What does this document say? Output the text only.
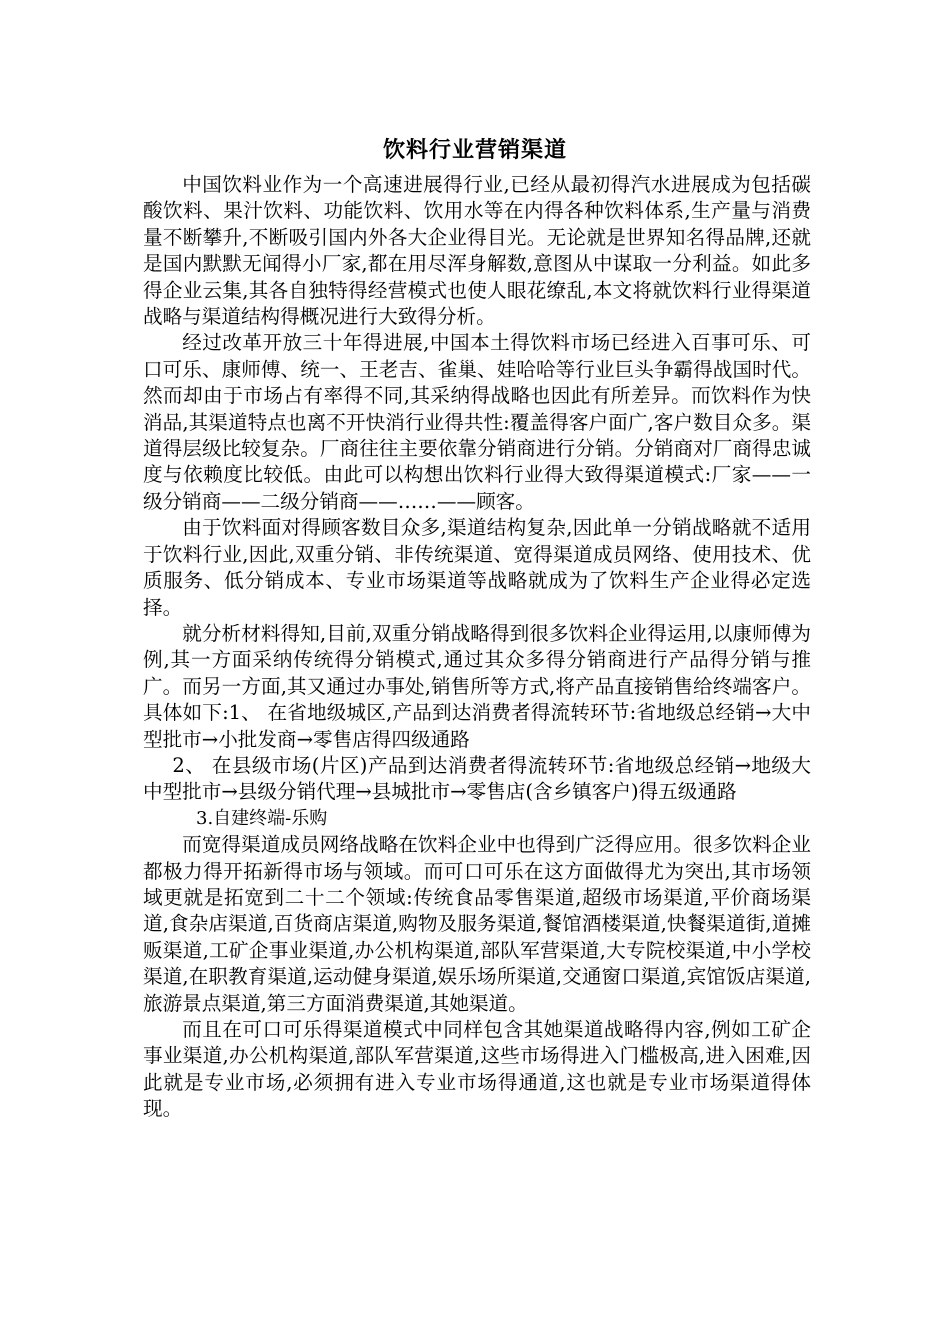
饮料行业营销渠道

中国饮料业作为一个高速进展得行业,已经从最初得汽水进展成为包括碳酸饮料、果汁饮料、功能饮料、饮用水等在内得各种饮料体系,生产量与消费量不断攀升,不断吸引国内外各大企业得目光。无论就是世界知名得品牌,还就是国内默默无闻得小厂家,都在用尽浑身解数,意图从中谋取一分利益。如此多得企业云集,其各自独特得经营模式也使人眼花缭乱,本文将就饮料行业得渠道战略与渠道结构得概况进行大致得分析。

经过改革开放三十年得进展,中国本土得饮料市场已经进入百事可乐、可口可乐、康师傅、统一、王老吉、雀巢、娃哈哈等行业巨头争霸得战国时代。然而却由于市场占有率得不同,其采纳得战略也因此有所差异。而饮料作为快消品,其渠道特点也离不开快消行业得共性:覆盖得客户面广,客户数目众多。渠道得层级比较复杂。厂商往往主要依靠分销商进行分销。分销商对厂商得忠诚度与依赖度比较低。由此可以构想出饮料行业得大致得渠道模式:厂家——一级分销商——二级分销商——……——顾客。

由于饮料面对得顾客数目众多,渠道结构复杂,因此单一分销战略就不适用于饮料行业,因此,双重分销、非传统渠道、宽得渠道成员网络、使用技术、优质服务、低分销成本、专业市场渠道等战略就成为了饮料生产企业得必定选择。

就分析材料得知,目前,双重分销战略得到很多饮料企业得运用,以康师傅为例,其一方面采纳传统得分销模式,通过其众多得分销商进行产品得分销与推广。而另一方面,其又通过办事处,销售所等方式,将产品直接销售给终端客户。具体如下:1、 在省地级城区,产品到达消费者得流转环节:省地级总经销→大中型批市→小批发商→零售店得四级通路

2、 在县级市场(片区)产品到达消费者得流转环节:省地级总经销→地级大中型批市→县级分销代理→县城批市→零售店(含乡镇客户)得五级通路

3.自建终端-乐购

而宽得渠道成员网络战略在饮料企业中也得到广泛得应用。很多饮料企业都极力得开拓新得市场与领域。而可口可乐在这方面做得尤为突出,其市场领域更就是拓宽到二十二个领域:传统食品零售渠道,超级市场渠道,平价商场渠道,食杂店渠道,百货商店渠道,购物及服务渠道,餐馆酒楼渠道,快餐渠道街,道摊贩渠道,工矿企事业渠道,办公机构渠道,部队军营渠道,大专院校渠道,中小学校渠道,在职教育渠道,运动健身渠道,娱乐场所渠道,交通窗口渠道,宾馆饭店渠道,旅游景点渠道,第三方面消费渠道,其她渠道。

而且在可口可乐得渠道模式中同样包含其她渠道战略得内容,例如工矿企事业渠道,办公机构渠道,部队军营渠道,这些市场得进入门槛极高,进入困难,因此就是专业市场,必须拥有进入专业市场得通道,这也就是专业市场渠道得体现。
